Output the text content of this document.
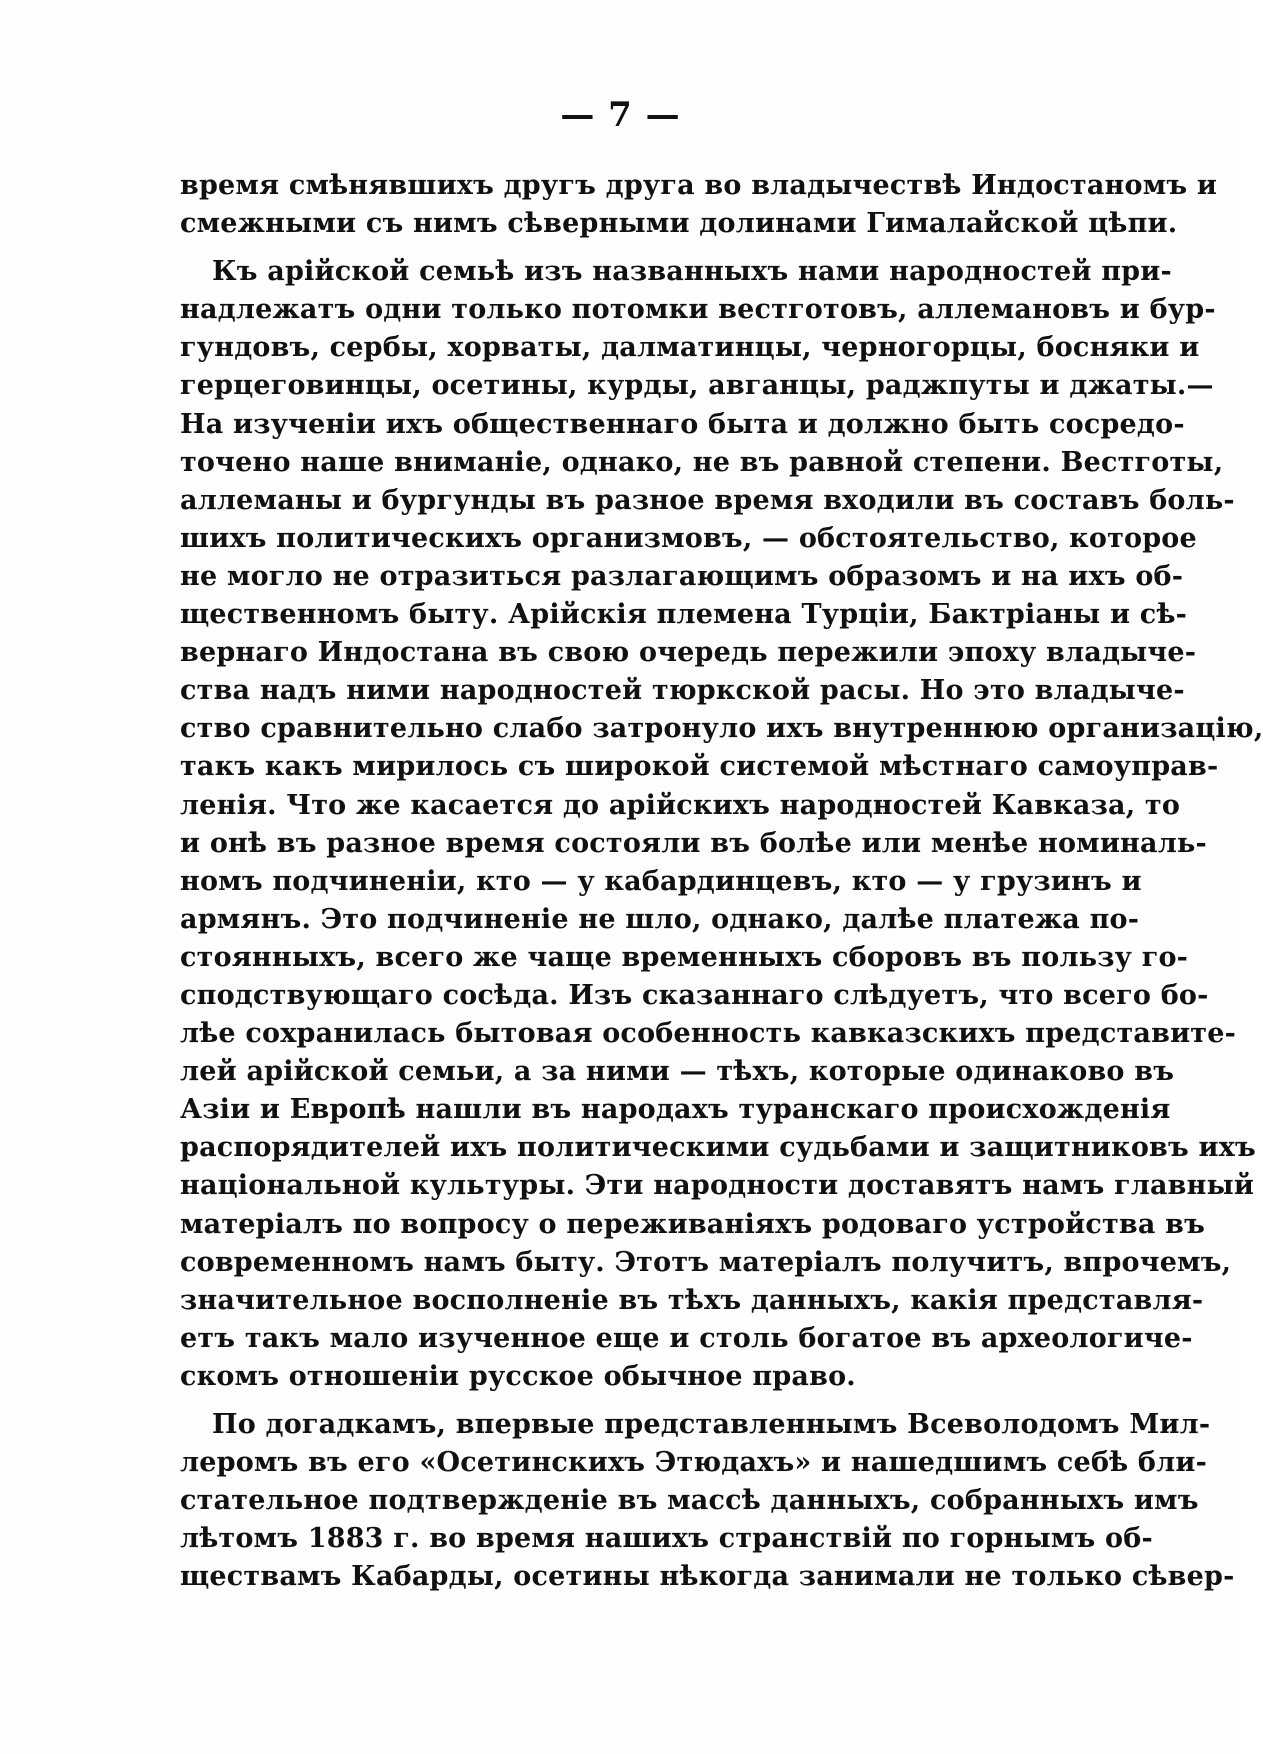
— 7 —
время смѣнявшихъ другъ друга во владычествѣ Индостаномъ и
смежными съ нимъ сѣверными долинами Гималайской цѣпи.
Къ арійской семьѣ изъ названныхъ нами народностей при-
надлежатъ одни только потомки вестготовъ, аллемановъ и бур-
гундовъ, сербы, хорваты, далматинцы, черногорцы, босняки и
герцеговинцы, осетины, курды, авганцы, раджпуты и джаты.—
На изученіи ихъ общественнаго быта и должно быть сосредо-
точено наше вниманіе, однако, не въ равной степени. Вестготы,
аллеманы и бургунды въ разное время входили въ составъ боль-
шихъ политическихъ организмовъ, — обстоятельство, которое
не могло не отразиться разлагающимъ образомъ и на ихъ об-
щественномъ быту. Арійскія племена Турціи, Бактріаны и сѣ-
вернаго Индостана въ свою очередь пережили эпоху владыче-
ства надъ ними народностей тюркской расы. Но это владыче-
ство сравнительно слабо затронуло ихъ внутреннюю организацію,
такъ какъ мирилось съ широкой системой мѣстнаго самоуправ-
ленія. Что же касается до арійскихъ народностей Кавказа, то
и онѣ въ разное время состояли въ болѣе или менѣе номиналь-
номъ подчиненіи, кто — у кабардинцевъ, кто — у грузинъ и
армянъ. Это подчиненіе не шло, однако, далѣе платежа по-
стоянныхъ, всего же чаще временныхъ сборовъ въ пользу го-
сподствующаго сосѣда. Изъ сказаннаго слѣдуетъ, что всего бо-
лѣе сохранилась бытовая особенность кавказскихъ представите-
лей арійской семьи, а за ними — тѣхъ, которые одинаково въ
Азіи и Европѣ нашли въ народахъ туранскаго происхожденія
распорядителей ихъ политическими судьбами и защитниковъ ихъ
національной культуры. Эти народности доставятъ намъ главный
матеріалъ по вопросу о переживаніяхъ родоваго устройства въ
современномъ намъ быту. Этотъ матеріалъ получитъ, впрочемъ,
значительное восполненіе въ тѣхъ данныхъ, какія представля-
етъ такъ мало изученное еще и столь богатое въ археологиче-
скомъ отношеніи русское обычное право.
По догадкамъ, впервые представленнымъ Всеволодомъ Мил-
леромъ въ его «Осетинскихъ Этюдахъ» и нашедшимъ себѣ бли-
стательное подтвержденіе въ массѣ данныхъ, собранныхъ имъ
лѣтомъ 1883 г. во время нашихъ странствій по горнымъ об-
ществамъ Кабарды, осетины нѣкогда занимали не только сѣвер-
